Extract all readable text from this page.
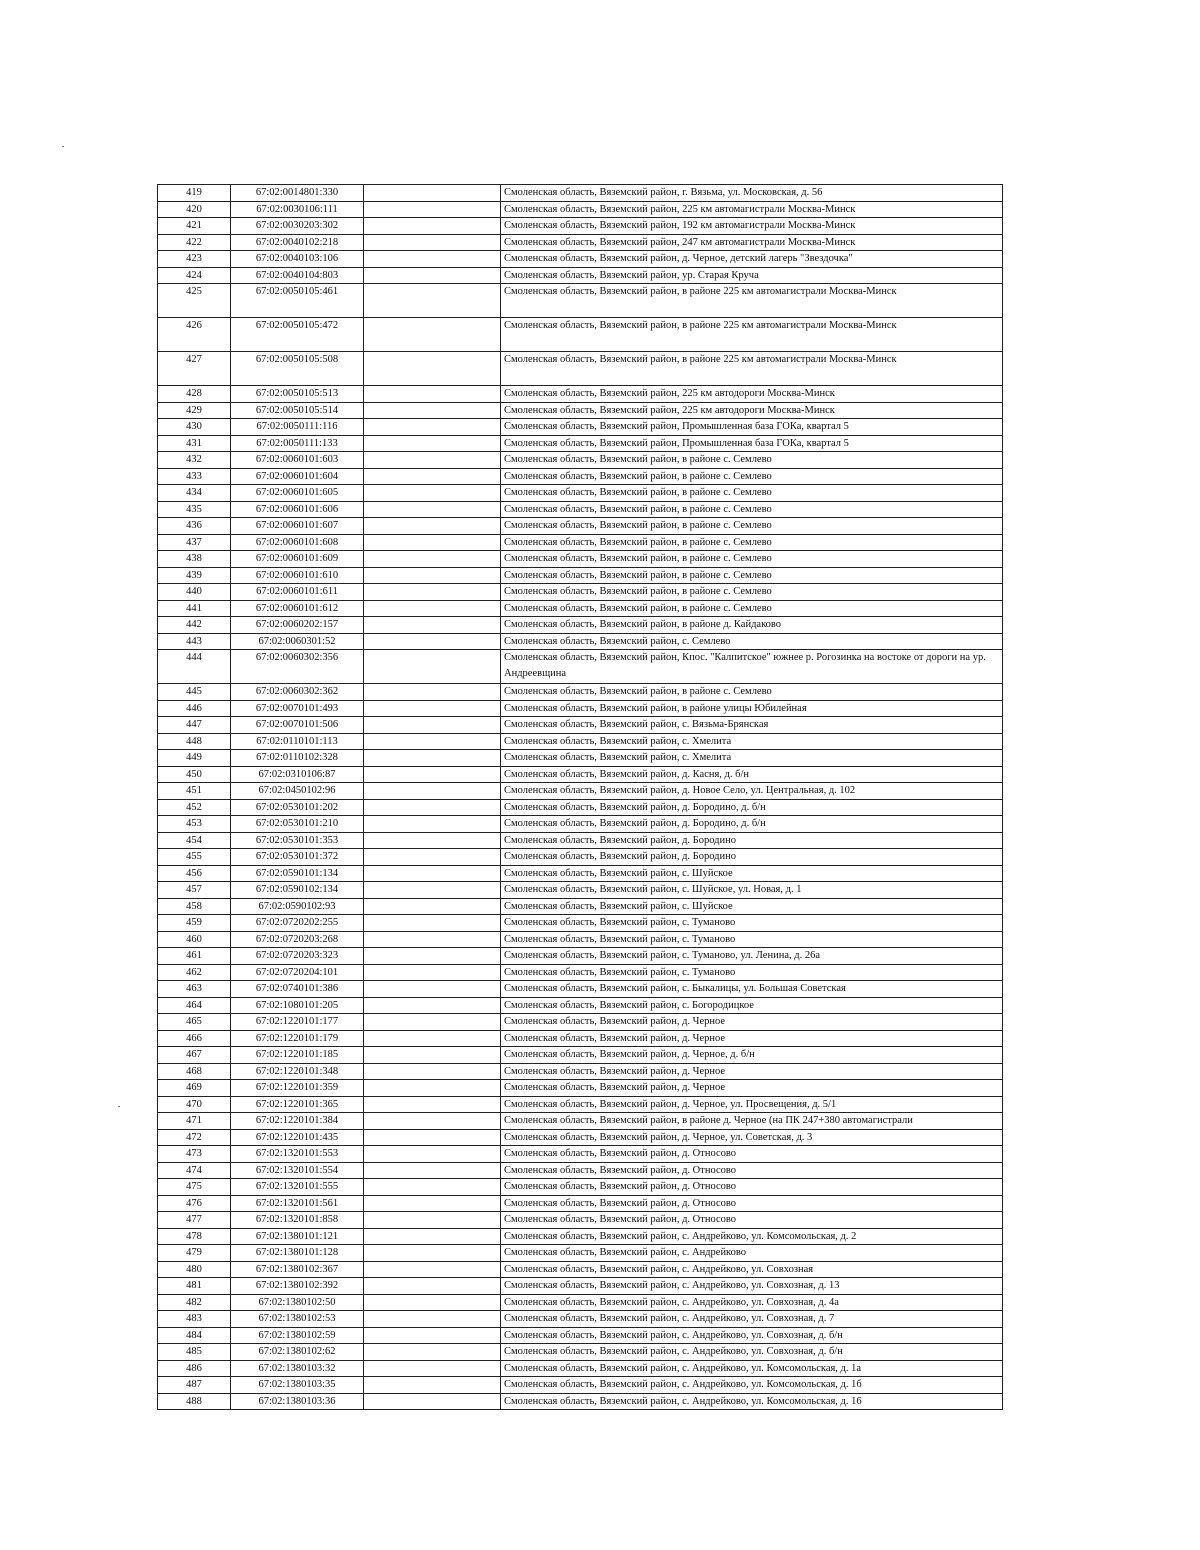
419	67:02:0014801:330		Смоленская область, Вяземский район, г. Вязьма, ул. Московская, д. 56
420	67:02:0030106:111		Смоленская область, Вяземский район, 225 км автомагистрали Москва-Минск
421	67:02:0030203:302		Смоленская область, Вяземский район, 192 км автомагистрали Москва-Минск
422	67:02:0040102:218		Смоленская область, Вяземский район, 247 км автомагистрали Москва-Минск
423	67:02:0040103:106		Смоленская область, Вяземский район, д. Черное, детский лагерь "Звездочка"
424	67:02:0040104:803		Смоленская область, Вяземский район, ур. Старая Круча
425	67:02:0050105:461		Смоленская область, Вяземский район, в районе 225 км автомагистрали Москва-Минск
426	67:02:0050105:472		Смоленская область, Вяземский район, в районе 225 км автомагистрали Москва-Минск
427	67:02:0050105:508		Смоленская область, Вяземский район, в районе 225 км автомагистрали Москва-Минск
428	67:02:0050105:513		Смоленская область, Вяземский район, 225 км автодороги Москва-Минск
429	67:02:0050105:514		Смоленская область, Вяземский район, 225 км автодороги Москва-Минск
430	67:02:0050111:116		Смоленская область, Вяземский район, Промышленная база ГОКа, квартал 5
431	67:02:0050111:133		Смоленская область, Вяземский район, Промышленная база ГОКа, квартал 5
432	67:02:0060101:603		Смоленская область, Вяземский район, в районе с. Семлево
433	67:02:0060101:604		Смоленская область, Вяземский район, в районе с. Семлево
434	67:02:0060101:605		Смоленская область, Вяземский район, в районе с. Семлево
435	67:02:0060101:606		Смоленская область, Вяземский район, в районе с. Семлево
436	67:02:0060101:607		Смоленская область, Вяземский район, в районе с. Семлево
437	67:02:0060101:608		Смоленская область, Вяземский район, в районе с. Семлево
438	67:02:0060101:609		Смоленская область, Вяземский район, в районе с. Семлево
439	67:02:0060101:610		Смоленская область, Вяземский район, в районе с. Семлево
440	67:02:0060101:611		Смоленская область, Вяземский район, в районе с. Семлево
441	67:02:0060101:612		Смоленская область, Вяземский район, в районе с. Семлево
442	67:02:0060202:157		Смоленская область, Вяземский район, в районе д. Кайдаково
443	67:02:0060301:52		Смоленская область, Вяземский район, с. Семлево
444	67:02:0060302:356		Смоленская область, Вяземский район, Кпос. "Калпитское" южнее р. Рогозинка на востоке от дороги на ур. Андреевщина
445	67:02:0060302:362		Смоленская область, Вяземский район, в районе с. Семлево
446	67:02:0070101:493		Смоленская область, Вяземский район, в районе улицы Юбилейная
447	67:02:0070101:506		Смоленская область, Вяземский район, с. Вязьма-Брянская
448	67:02:0110101:113		Смоленская область, Вяземский район, с. Хмелита
449	67:02:0110102:328		Смоленская область, Вяземский район, с. Хмелита
450	67:02:0310106:87		Смоленская область, Вяземский район, д. Касня, д. б/н
451	67:02:0450102:96		Смоленская область, Вяземский район, д. Новое Село, ул. Центральная, д. 102
452	67:02:0530101:202		Смоленская область, Вяземский район, д. Бородино, д. б/н
453	67:02:0530101:210		Смоленская область, Вяземский район, д. Бородино, д. б/н
454	67:02:0530101:353		Смоленская область, Вяземский район, д. Бородино
455	67:02:0530101:372		Смоленская область, Вяземский район, д. Бородино
456	67:02:0590101:134		Смоленская область, Вяземский район, с. Шуйское
457	67:02:0590102:134		Смоленская область, Вяземский район, с. Шуйское, ул. Новая, д. 1
458	67:02:0590102:93		Смоленская область, Вяземский район, с. Шуйское
459	67:02:0720202:255		Смоленская область, Вяземский район, с. Туманово
460	67:02:0720203:268		Смоленская область, Вяземский район, с. Туманово
461	67:02:0720203:323		Смоленская область, Вяземский район, с. Туманово, ул. Ленина, д. 26а
462	67:02:0720204:101		Смоленская область, Вяземский район, с. Туманово
463	67:02:0740101:386		Смоленская область, Вяземский район, с. Быкалицы, ул. Большая Советская
464	67:02:1080101:205		Смоленская область, Вяземский район, с. Богородицкое
465	67:02:1220101:177		Смоленская область, Вяземский район, д. Черное
466	67:02:1220101:179		Смоленская область, Вяземский район, д. Черное
467	67:02:1220101:185		Смоленская область, Вяземский район, д. Черное, д. б/н
468	67:02:1220101:348		Смоленская область, Вяземский район, д. Черное
469	67:02:1220101:359		Смоленская область, Вяземский район, д. Черное
470	67:02:1220101:365		Смоленская область, Вяземский район, д. Черное, ул. Просвещения, д. 5/1
471	67:02:1220101:384		Смоленская область, Вяземский район, в районе д. Черное (на ПК 247+380 автомагистрали
472	67:02:1220101:435		Смоленская область, Вяземский район, д. Черное, ул. Советская, д. 3
473	67:02:1320101:553		Смоленская область, Вяземский район, д. Относово
474	67:02:1320101:554		Смоленская область, Вяземский район, д. Относово
475	67:02:1320101:555		Смоленская область, Вяземский район, д. Относово
476	67:02:1320101:561		Смоленская область, Вяземский район, д. Относово
477	67:02:1320101:858		Смоленская область, Вяземский район, д. Относово
478	67:02:1380101:121		Смоленская область, Вяземский район, с. Андрейково, ул. Комсомольская, д. 2
479	67:02:1380101:128		Смоленская область, Вяземский район, с. Андрейково
480	67:02:1380102:367		Смоленская область, Вяземский район, с. Андрейково, ул. Совхозная
481	67:02:1380102:392		Смоленская область, Вяземский район, с. Андрейково, ул. Совхозная, д. 13
482	67:02:1380102:50		Смоленская область, Вяземский район, с. Андрейково, ул. Совхозная, д. 4а
483	67:02:1380102:53		Смоленская область, Вяземский район, с. Андрейково, ул. Совхозная, д. 7
484	67:02:1380102:59		Смоленская область, Вяземский район, с. Андрейково, ул. Совхозная, д. б/н
485	67:02:1380102:62		Смоленская область, Вяземский район, с. Андрейково, ул. Совхозная, д. б/н
486	67:02:1380103:32		Смоленская область, Вяземский район, с. Андрейково, ул. Комсомольская, д. 1а
487	67:02:1380103:35		Смоленская область, Вяземский район, с. Андрейково, ул. Комсомольская, д. 1б
488	67:02:1380103:36		Смоленская область, Вяземский район, с. Андрейково, ул. Комсомольская, д. 16
